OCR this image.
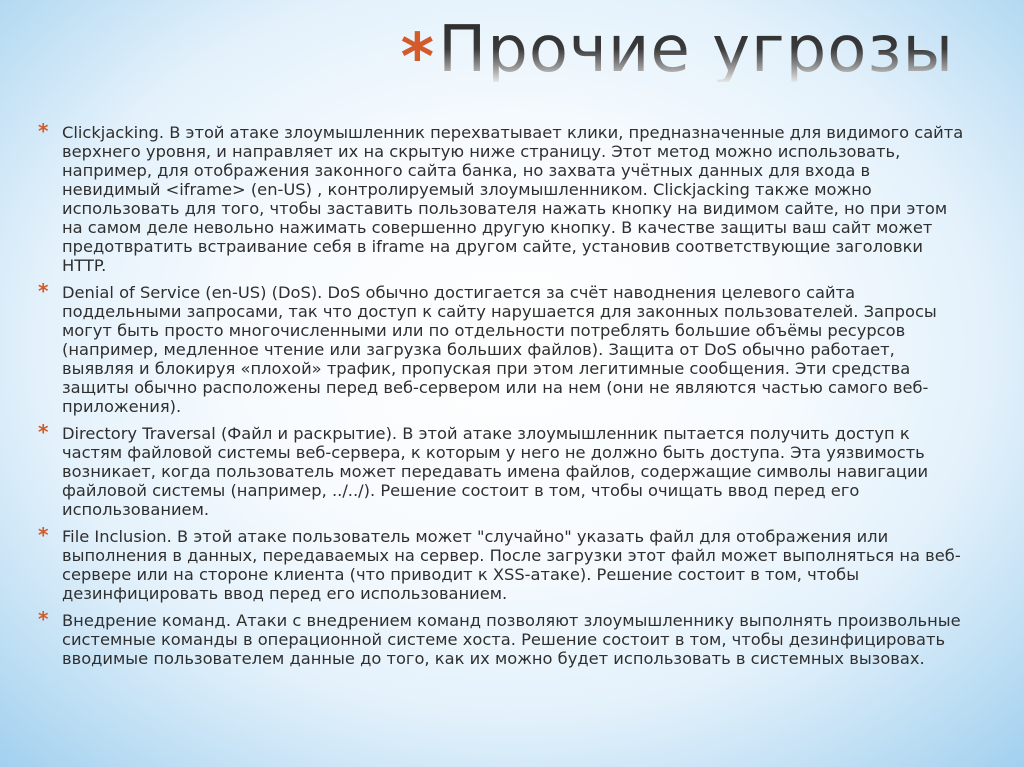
* Прочие угрозы
* Clickjacking. В этой атаке злоумышленник перехватывает клики, предназначенные для видимого сайта верхнего уровня, и направляет их на скрытую ниже страницу. Этот метод можно использовать, например, для отображения законного сайта банка, но захвата учётных данных для входа в невидимый <iframe> (en-US) , контролируемый злоумышленником. Clickjacking также можно использовать для того, чтобы заставить пользователя нажать кнопку на видимом сайте, но при этом на самом деле невольно нажимать совершенно другую кнопку. В качестве защиты ваш сайт может предотвратить встраивание себя в iframe на другом сайте, установив соответствующие заголовки HTTP.
* Denial of Service (en-US) (DoS). DoS обычно достигается за счёт наводнения целевого сайта поддельными запросами, так что доступ к сайту нарушается для законных пользователей. Запросы могут быть просто многочисленными или по отдельности потреблять большие объёмы ресурсов (например, медленное чтение или загрузка больших файлов). Защита от DoS обычно работает, выявляя и блокируя «плохой» трафик, пропуская при этом легитимные сообщения. Эти средства защиты обычно расположены перед веб-сервером или на нем (они не являются частью самого веб-приложения).
* Directory Traversal (Файл и раскрытие). В этой атаке злоумышленник пытается получить доступ к частям файловой системы веб-сервера, к которым у него не должно быть доступа. Эта уязвимость возникает, когда пользователь может передавать имена файлов, содержащие символы навигации файловой системы (например, ../../). Решение состоит в том, чтобы очищать ввод перед его использованием.
* File Inclusion. В этой атаке пользователь может "случайно" указать файл для отображения или выполнения в данных, передаваемых на сервер. После загрузки этот файл может выполняться на веб-сервере или на стороне клиента (что приводит к XSS-атаке). Решение состоит в том, чтобы дезинфицировать ввод перед его использованием.
* Внедрение команд. Атаки с внедрением команд позволяют злоумышленнику выполнять произвольные системные команды в операционной системе хоста. Решение состоит в том, чтобы дезинфицировать вводимые пользователем данные до того, как их можно будет использовать в системных вызовах.
